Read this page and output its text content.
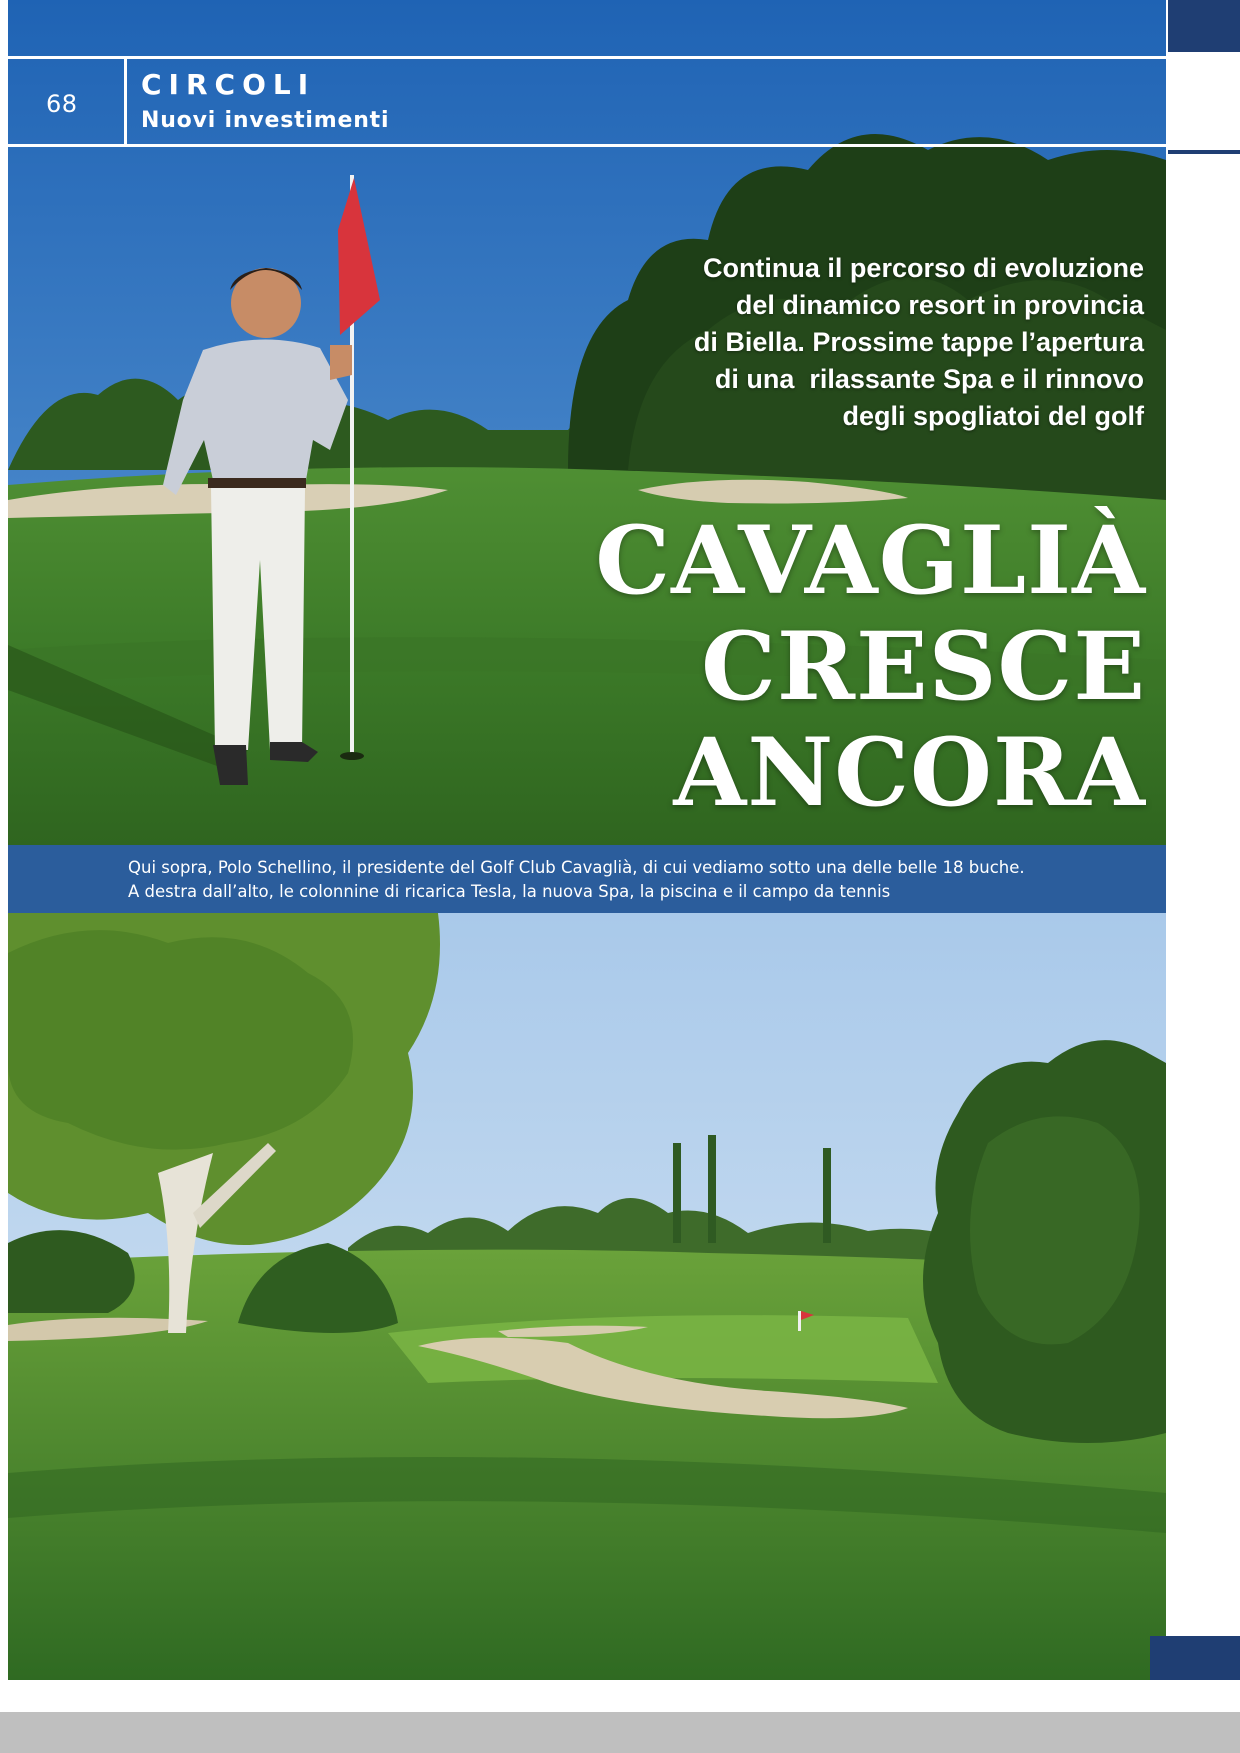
68
CIRCOLI
Nuovi investimenti

Continua il percorso di evoluzione
del dinamico resort in provincia
di Biella. Prossime tappe l’apertura
di una  rilassante Spa e il rinnovo
degli spogliatoi del golf

CAVAGLIÀ
CRESCE
ANCORA

Qui sopra, Polo Schellino, il presidente del Golf Club Cavaglià, di cui vediamo sotto una delle belle 18 buche.
A destra dall’alto, le colonnine di ricarica Tesla, la nuova Spa, la piscina e il campo da tennis
